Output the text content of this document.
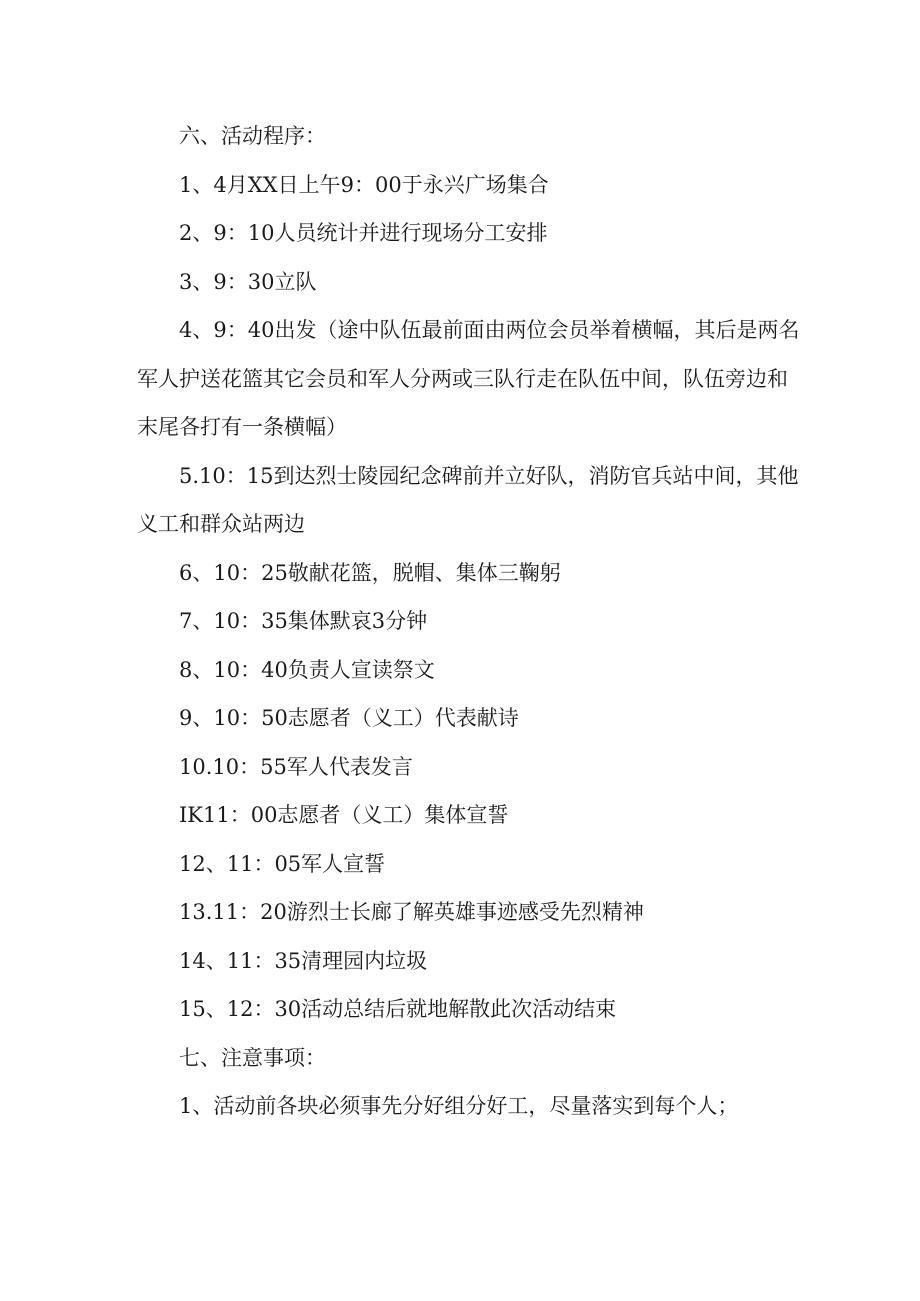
六、活动程序：

1、4月XX日上午9：00于永兴广场集合

2、9：10人员统计并进行现场分工安排

3、9：30立队

4、9：40出发（途中队伍最前面由两位会员举着横幅，其后是两名军人护送花篮其它会员和军人分两或三队行走在队伍中间，队伍旁边和末尾各打有一条横幅）

5.10：15到达烈士陵园纪念碑前并立好队，消防官兵站中间，其他义工和群众站两边

6、10：25敬献花篮，脱帽、集体三鞠躬

7、10：35集体默哀3分钟

8、10：40负责人宣读祭文

9、10：50志愿者（义工）代表献诗

10.10：55军人代表发言

IK11：00志愿者（义工）集体宣誓

12、11：05军人宣誓

13.11：20游烈士长廊了解英雄事迹感受先烈精神

14、11：35清理园内垃圾

15、12：30活动总结后就地解散此次活动结束

七、注意事项：

1、活动前各块必须事先分好组分好工，尽量落实到每个人；
